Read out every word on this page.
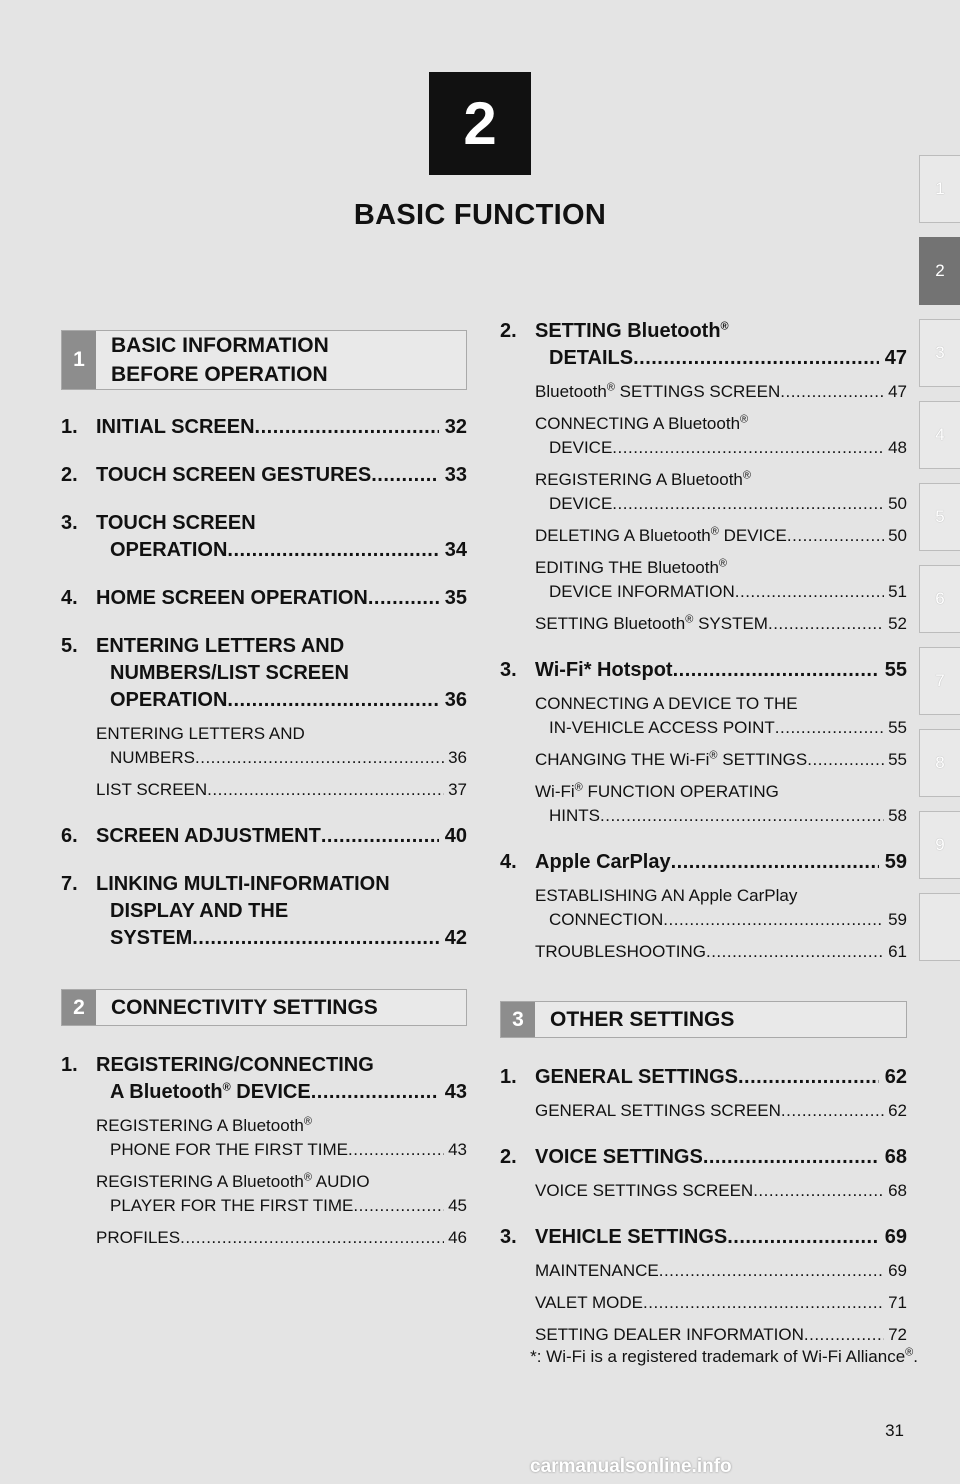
2
BASIC FUNCTION
1
2
3
4
5
6
7
8
9
1
BASIC INFORMATION
BEFORE OPERATION
1. INITIAL SCREEN .....	32
2. TOUCH SCREEN GESTURES .....	33
3. TOUCH SCREEN
OPERATION .....	34
4. HOME SCREEN OPERATION .....	35
5. ENTERING LETTERS AND
NUMBERS/LIST SCREEN
OPERATION .....	36
ENTERING LETTERS AND
NUMBERS .....	36
LIST SCREEN .....	37
6. SCREEN ADJUSTMENT .....	40
7. LINKING MULTI-INFORMATION
DISPLAY AND THE
SYSTEM .....	42
2	CONNECTIVITY SETTINGS
1. REGISTERING/CONNECTING
A Bluetooth® DEVICE .....	43
REGISTERING A Bluetooth®
PHONE FOR THE FIRST TIME .....	43
REGISTERING A Bluetooth® AUDIO
PLAYER FOR THE FIRST TIME .....	45
PROFILES .....	46
2. SETTING Bluetooth®
DETAILS .....	47
Bluetooth® SETTINGS SCREEN .....	47
CONNECTING A Bluetooth®
DEVICE .....	48
REGISTERING A Bluetooth®
DEVICE .....	50
DELETING A Bluetooth® DEVICE .....	50
EDITING THE Bluetooth®
DEVICE INFORMATION .....	51
SETTING Bluetooth® SYSTEM .....	52
3. Wi-Fi* Hotspot .....	55
CONNECTING A DEVICE TO THE
IN-VEHICLE ACCESS POINT .....	55
CHANGING THE Wi-Fi® SETTINGS .....	55
Wi-Fi® FUNCTION OPERATING
HINTS .....	58
4. Apple CarPlay .....	59
ESTABLISHING AN Apple CarPlay
CONNECTION .....	59
TROUBLESHOOTING .....	61
3	OTHER SETTINGS
1. GENERAL SETTINGS .....	62
GENERAL SETTINGS SCREEN .....	62
2. VOICE SETTINGS .....	68
VOICE SETTINGS SCREEN .....	68
3. VEHICLE SETTINGS .....	69
MAINTENANCE .....	69
VALET MODE .....	71
SETTING DEALER INFORMATION .....	72
*: Wi-Fi is a registered trademark of Wi-Fi Alliance®.
31
carmanualsonline.info
